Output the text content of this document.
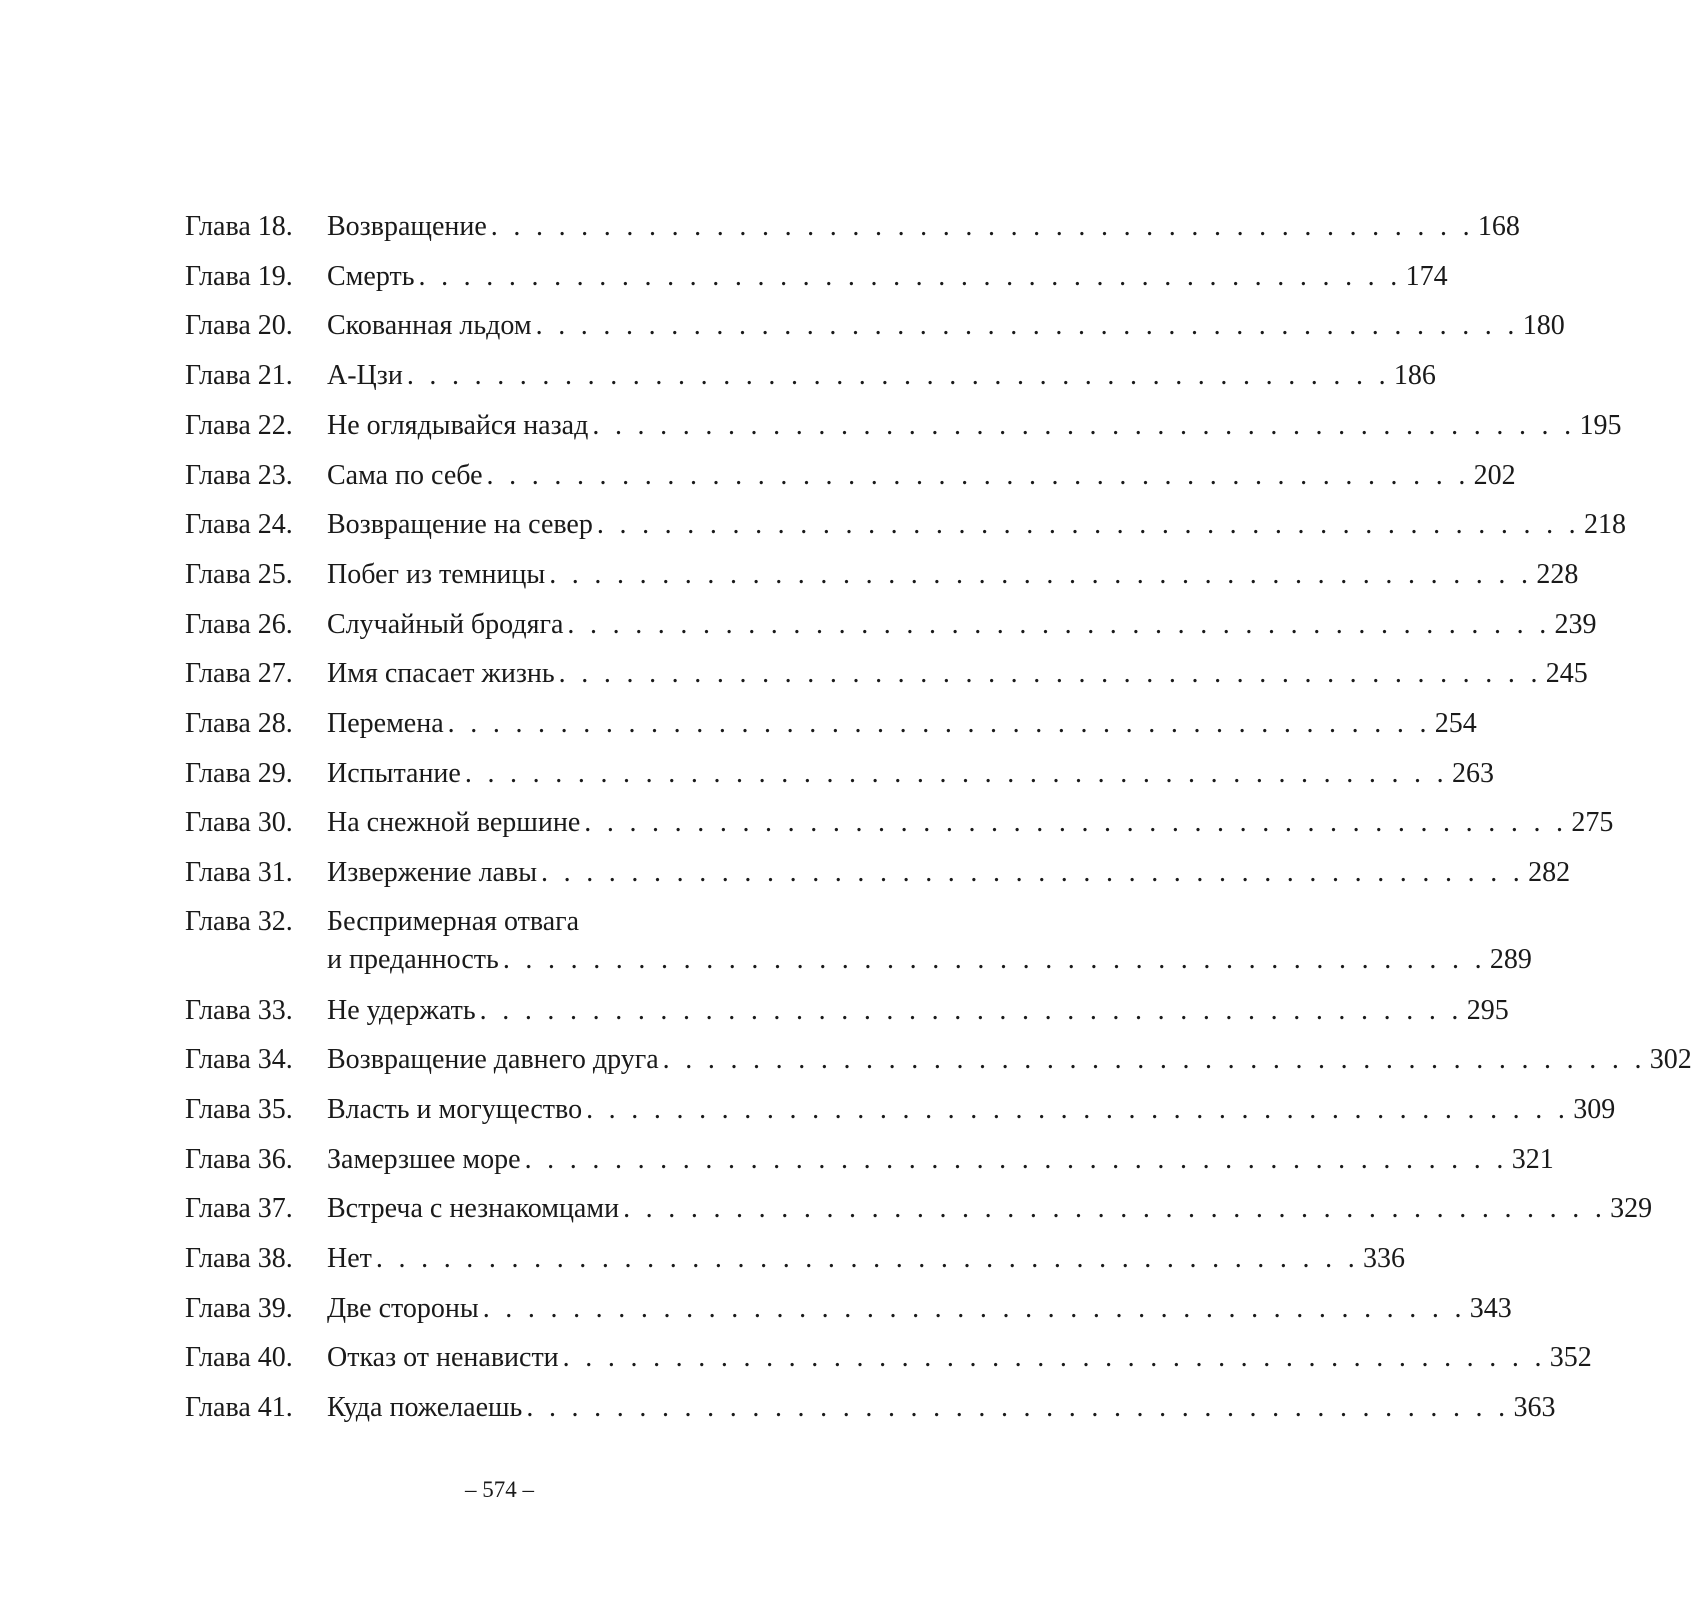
Глава 18.	Возвращение . . . . . . . . . . . . . . . . . . . . . . . . . . . . . . . . . . . . . . . . . . . . 168
Глава 19.	Смерть . . . . . . . . . . . . . . . . . . . . . . . . . . . . . . . . . . . . . . . . . . . . 174
Глава 20.	Скованная льдом . . . . . . . . . . . . . . . . . . . . . . . . . . . . . . . . . . . . . . . . . . . . 180
Глава 21.	А-Цзи . . . . . . . . . . . . . . . . . . . . . . . . . . . . . . . . . . . . . . . . . . . . 186
Глава 22.	Не оглядывайся назад . . . . . . . . . . . . . . . . . . . . . . . . . . . . . . . . . . . . . . . . . . . . 195
Глава 23.	Сама по себе . . . . . . . . . . . . . . . . . . . . . . . . . . . . . . . . . . . . . . . . . . . . 202
Глава 24.	Возвращение на север . . . . . . . . . . . . . . . . . . . . . . . . . . . . . . . . . . . . . . . . . . . . 218
Глава 25.	Побег из темницы . . . . . . . . . . . . . . . . . . . . . . . . . . . . . . . . . . . . . . . . . . . . 228
Глава 26.	Случайный бродяга . . . . . . . . . . . . . . . . . . . . . . . . . . . . . . . . . . . . . . . . . . . . 239
Глава 27.	Имя спасает жизнь . . . . . . . . . . . . . . . . . . . . . . . . . . . . . . . . . . . . . . . . . . . . 245
Глава 28.	Перемена . . . . . . . . . . . . . . . . . . . . . . . . . . . . . . . . . . . . . . . . . . . . 254
Глава 29.	Испытание . . . . . . . . . . . . . . . . . . . . . . . . . . . . . . . . . . . . . . . . . . . . 263
Глава 30.	На снежной вершине . . . . . . . . . . . . . . . . . . . . . . . . . . . . . . . . . . . . . . . . . . . . 275
Глава 31.	Извержение лавы . . . . . . . . . . . . . . . . . . . . . . . . . . . . . . . . . . . . . . . . . . . . 282
Глава 32.	Беспримерная отвага
и преданность . . . . . . . . . . . . . . . . . . . . . . . . . . . . . . . . . . . . . . . . . . . . 289
Глава 33.	Не удержать . . . . . . . . . . . . . . . . . . . . . . . . . . . . . . . . . . . . . . . . . . . . 295
Глава 34.	Возвращение давнего друга . . . . . . . . . . . . . . . . . . . . . . . . . . . . . . . . . . . . . . . . . . . . 302
Глава 35.	Власть и могущество . . . . . . . . . . . . . . . . . . . . . . . . . . . . . . . . . . . . . . . . . . . . 309
Глава 36.	Замерзшее море . . . . . . . . . . . . . . . . . . . . . . . . . . . . . . . . . . . . . . . . . . . . 321
Глава 37.	Встреча с незнакомцами . . . . . . . . . . . . . . . . . . . . . . . . . . . . . . . . . . . . . . . . . . . . 329
Глава 38.	Нет . . . . . . . . . . . . . . . . . . . . . . . . . . . . . . . . . . . . . . . . . . . . 336
Глава 39.	Две стороны . . . . . . . . . . . . . . . . . . . . . . . . . . . . . . . . . . . . . . . . . . . . 343
Глава 40.	Отказ от ненависти . . . . . . . . . . . . . . . . . . . . . . . . . . . . . . . . . . . . . . . . . . . . 352
Глава 41.	Куда пожелаешь . . . . . . . . . . . . . . . . . . . . . . . . . . . . . . . . . . . . . . . . . . . . 363
– 574 –
